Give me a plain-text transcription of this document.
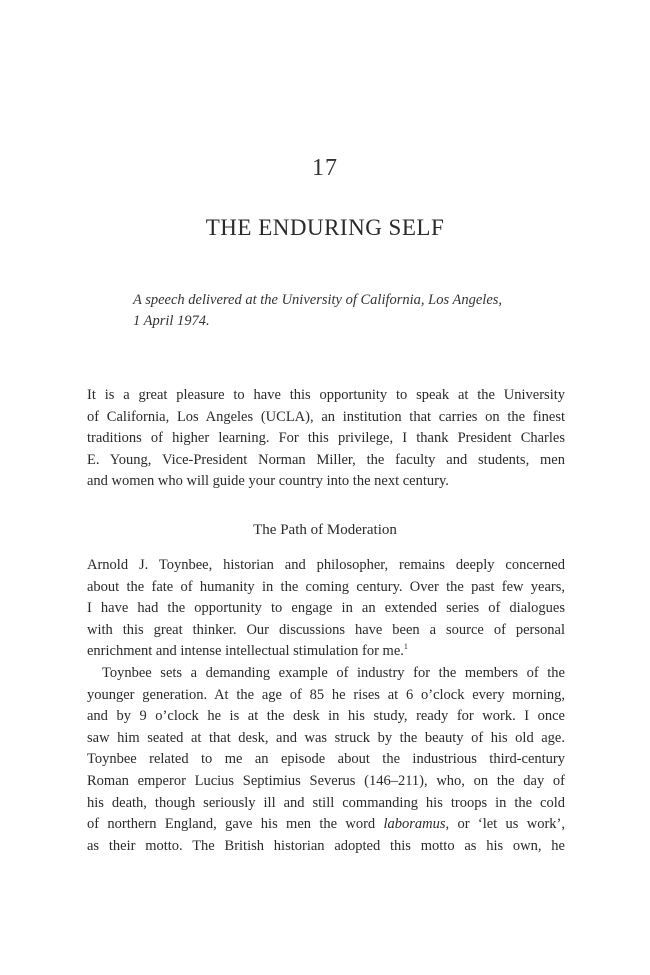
17
THE ENDURING SELF
A speech delivered at the University of California, Los Angeles,
1 April 1974.
It is a great pleasure to have this opportunity to speak at the University
of California, Los Angeles (UCLA), an institution that carries on the finest
traditions of higher learning. For this privilege, I thank President Charles
E. Young, Vice-President Norman Miller, the faculty and students, men
and women who will guide your country into the next century.
The Path of Moderation
Arnold J. Toynbee, historian and philosopher, remains deeply concerned
about the fate of humanity in the coming century. Over the past few years,
I have had the opportunity to engage in an extended series of dialogues
with this great thinker. Our discussions have been a source of personal
enrichment and intense intellectual stimulation for me.$^1$
Toynbee sets a demanding example of industry for the members of the
younger generation. At the age of 85 he rises at 6 o’clock every morning,
and by 9 o’clock he is at the desk in his study, ready for work. I once
saw him seated at that desk, and was struck by the beauty of his old age.
Toynbee related to me an episode about the industrious third-century
Roman emperor Lucius Septimius Severus (146–211), who, on the day of
his death, though seriously ill and still commanding his troops in the cold
of northern England, gave his men the word laboramus, or ‘let us work’,
as their motto. The British historian adopted this motto as his own, he
